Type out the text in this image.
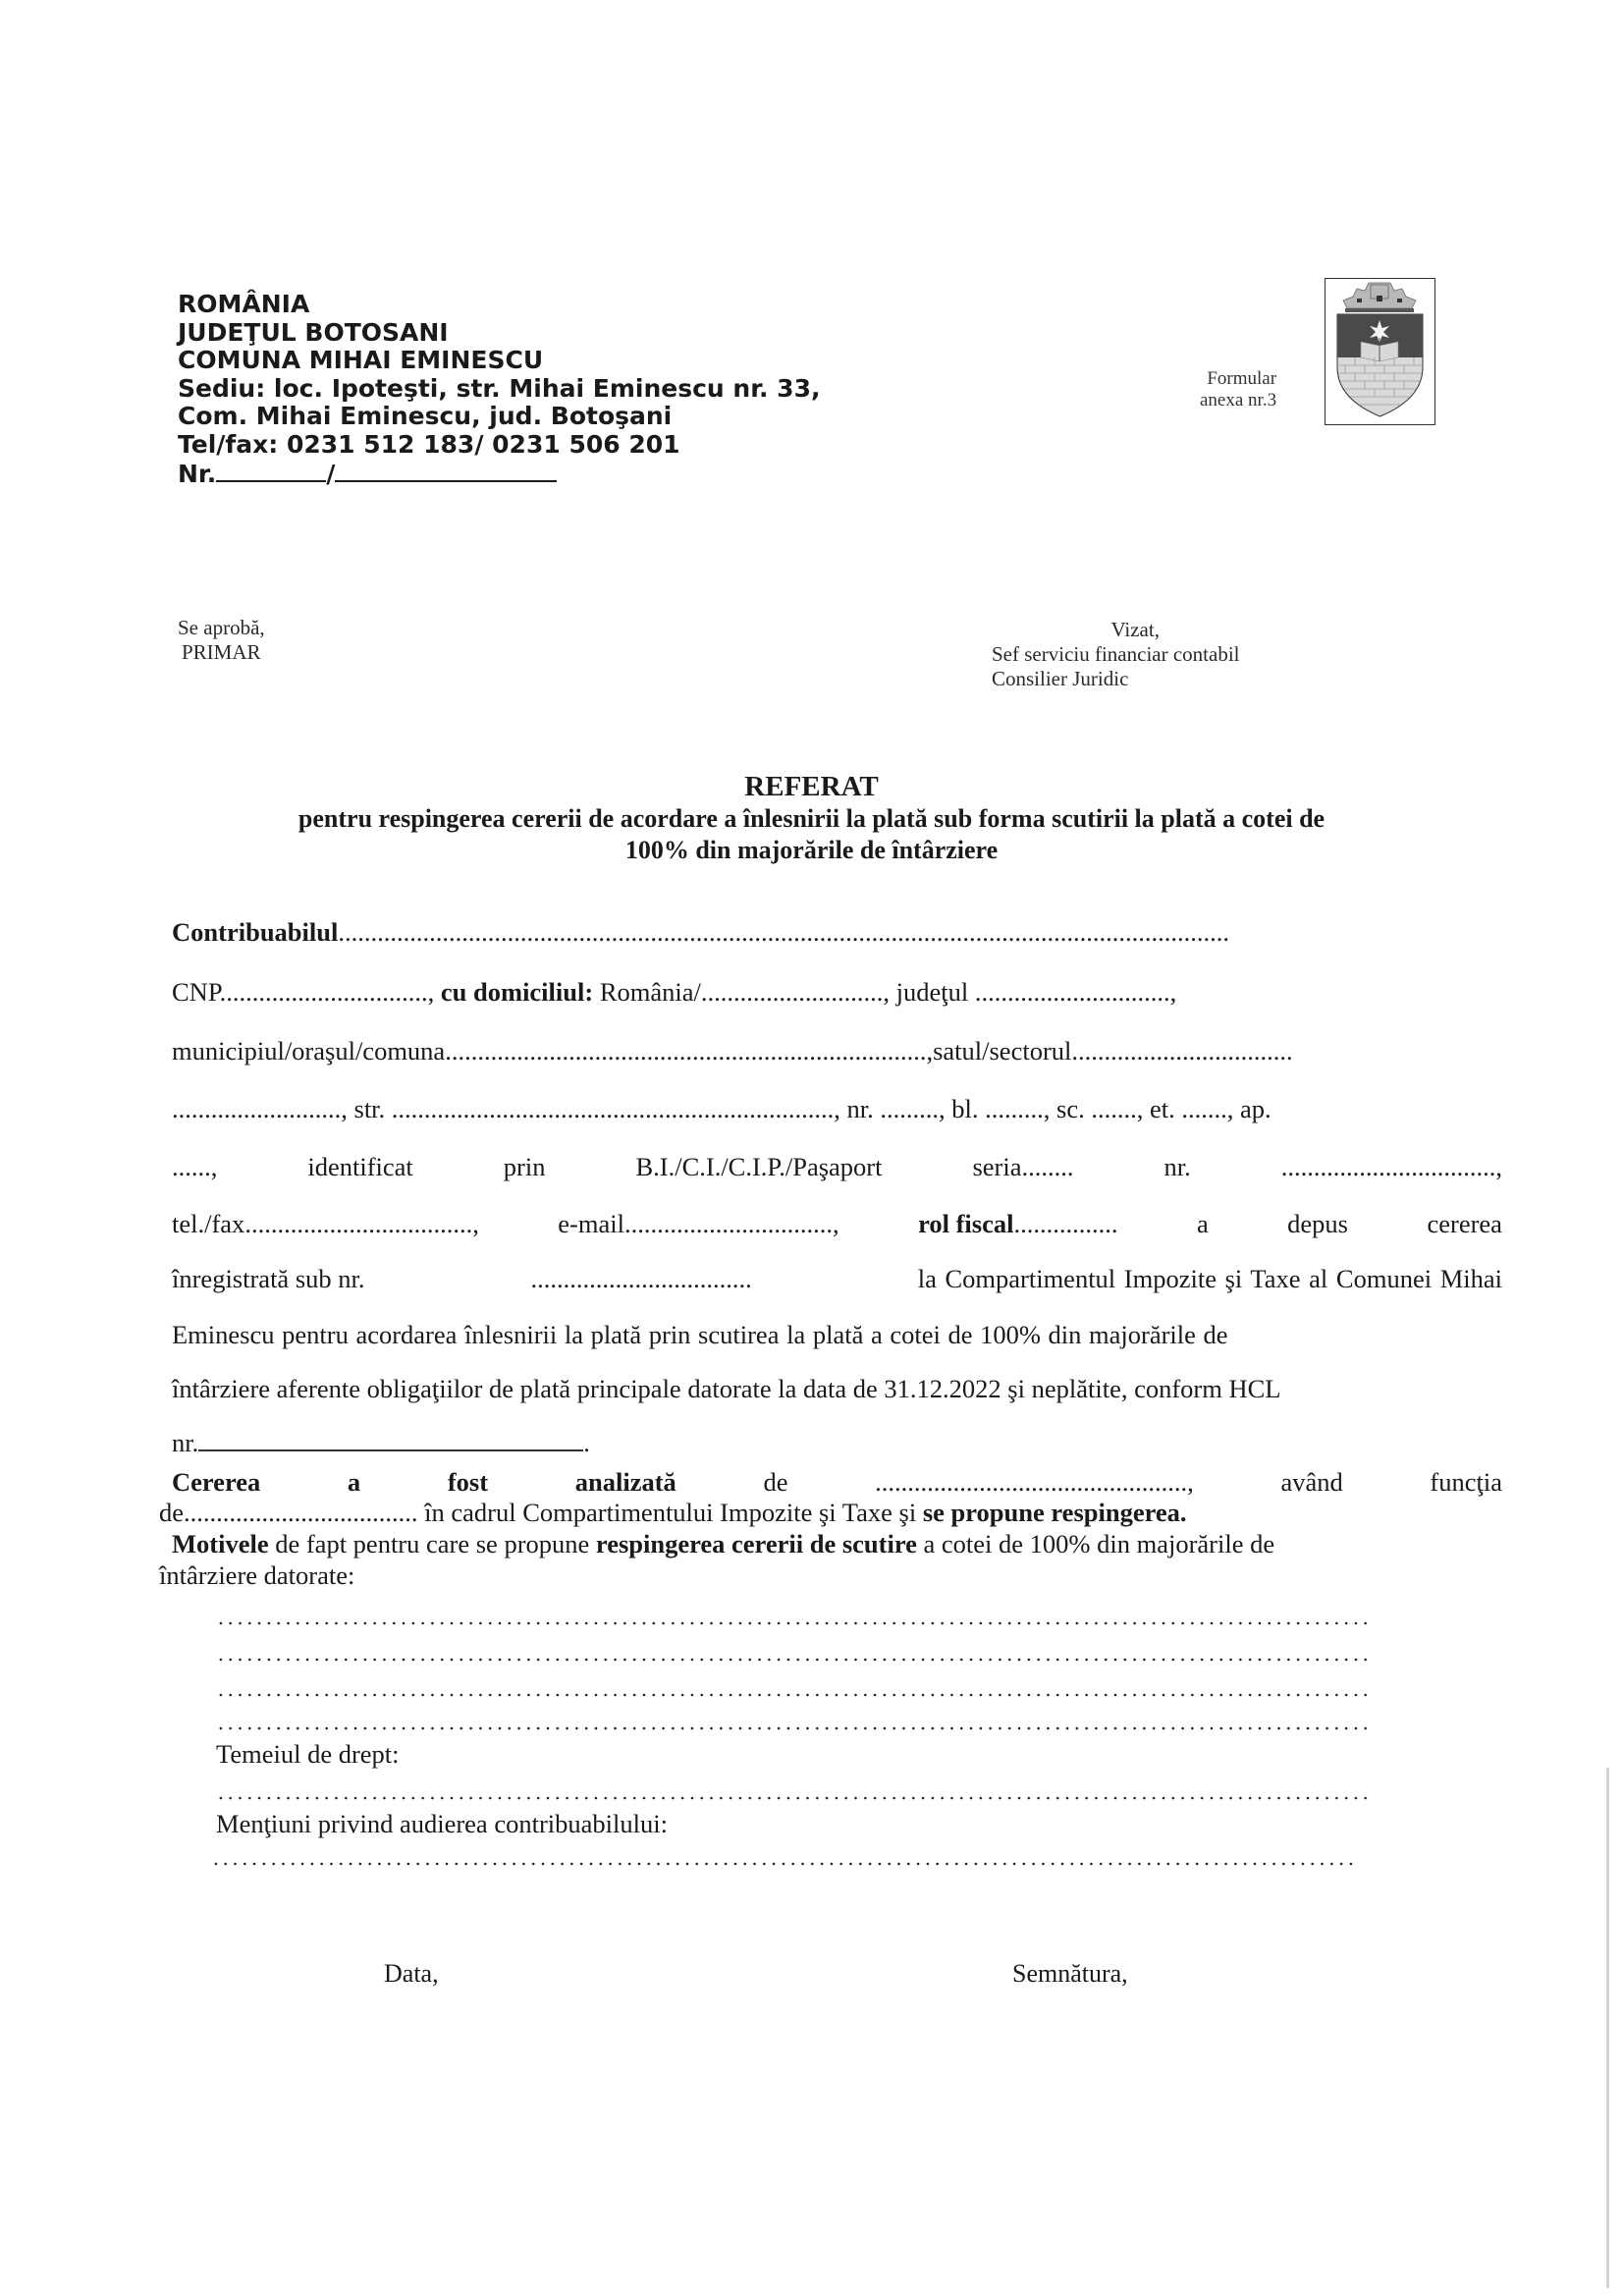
ROMÂNIA
JUDEŢUL BOTOSANI
COMUNA MIHAI EMINESCU
Sediu: loc. Ipoteşti, str. Mihai Eminescu nr. 33,
Com. Mihai Eminescu, jud. Botoşani
Tel/fax: 0231 512 183/ 0231 506 201
Nr.	/
Formular
anexa nr.3
Se aprobă,
PRIMAR
Vizat,
Sef serviciu financiar contabil
Consilier Juridic
REFERAT
pentru respingerea cererii de acordare a înlesnirii la plată sub forma scutirii la plată a cotei de
100% din majorările de întârziere
Contribuabilul.........................................................................................................................................
CNP................................, cu domiciliul: România/............................, judeţul ..............................,
municipiul/oraşul/comuna..........................................................................,satul/sectorul..................................
.........................., str. ...................................................................., nr. ........., bl. ........., sc. ......., et. ......., ap.
......,	identificat	prin	B.I./C.I./C.I.P./Paşaport	seria........	nr.	.................................,
tel./fax...................................,	e-mail................................,	rol fiscal................	a	depus	cererea
înregistrată sub nr.	..................................	la Compartimentul Impozite şi Taxe al Comunei Mihai
Eminescu pentru acordarea înlesnirii la plată prin scutirea la plată a cotei de 100% din majorările de
întârziere aferente obligaţiilor de plată principale datorate la data de 31.12.2022 şi neplătite, conform HCL
nr.	.
Cererea	a	fost	analizată	de	................................................,	având	funcţia
de.................................... în cadrul Compartimentului Impozite şi Taxe şi se propune respingerea.
Motivele de fapt pentru care se propune respingerea cererii de scutire a cotei de 100% din majorările de
întârziere datorate:
Temeiul de drept:
Menţiuni privind audierea contribuabilului:
Data,	Semnătura,
